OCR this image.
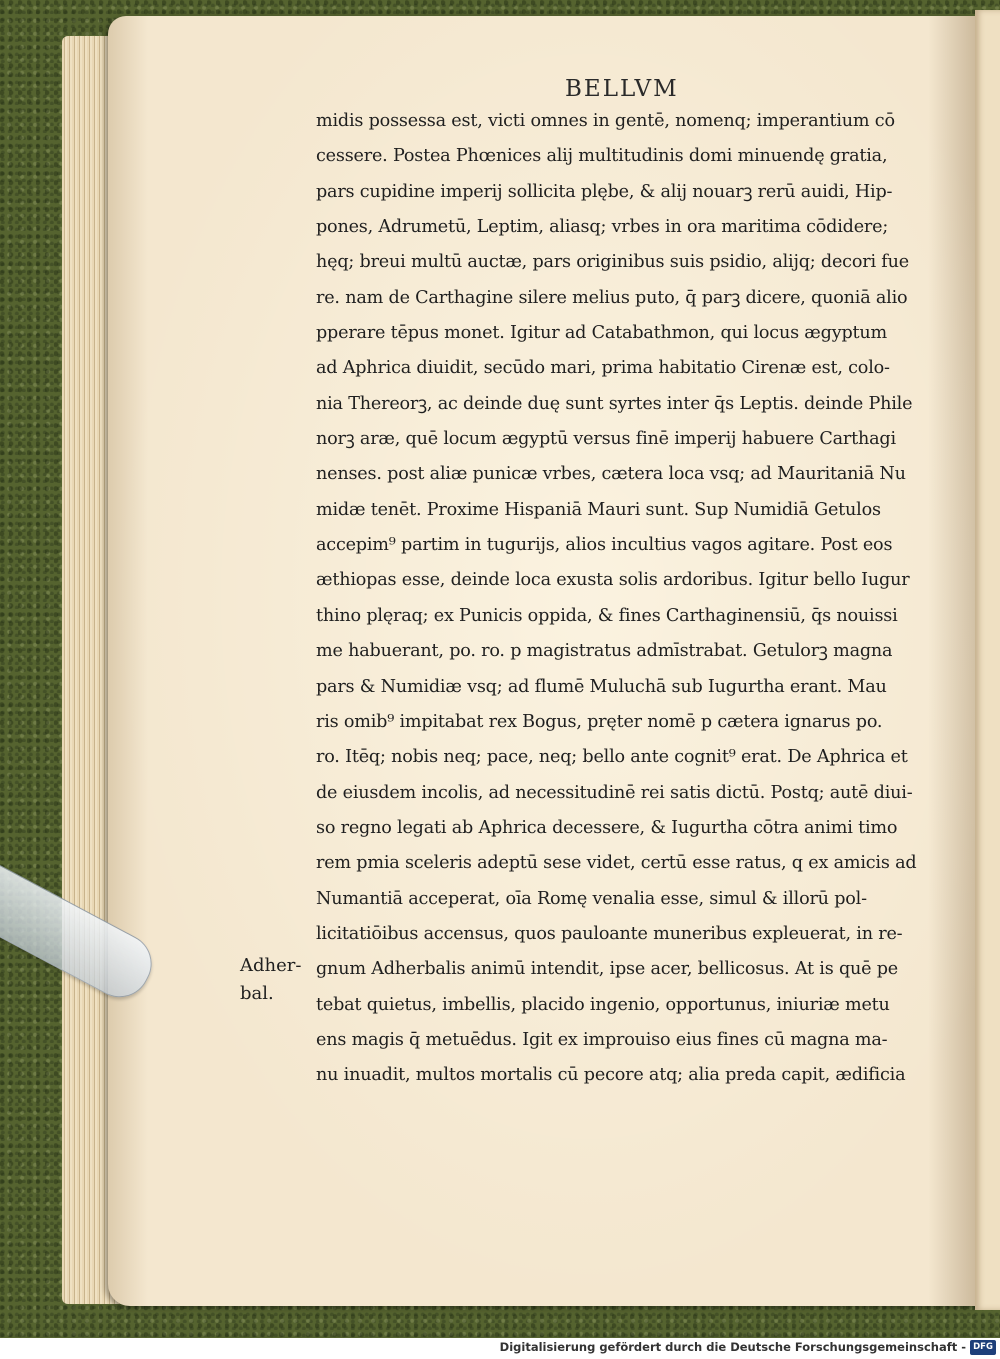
BELLVM
midis possessa est, victi omnes in gentē, nomenq; imperantium cō
cessere. Postea Phœnices alij multitudinis domi minuendę gratia,
pars cupidine imperij sollicita plębe, & alij nouarꝫ rerū auidi, Hip-
pones, Adrumetū, Leptim, aliasq; vrbes in ora maritima cōdidere;
hęq; breui multū auctæ, pars originibus suis psidio, alijq; decori fue
re. nam de Carthagine silere melius puto, q̄ parꝫ dicere, quoniā alio
pperare tēpus monet. Igitur ad Catabathmon, qui locus ægyptum
ad Aphrica diuidit, secūdo mari, prima habitatio Cirenæ est, colo-
nia Thereorꝫ, ac deinde duę sunt syrtes inter q̄s Leptis. deinde Phile
norꝫ aræ, quē locum ægyptū versus finē imperij habuere Carthagi
nenses. post aliæ punicæ vrbes, cætera loca vsq; ad Mauritaniā Nu
midæ tenēt. Proxime Hispaniā Mauri sunt. Sup Numidiā Getulos
accepim⁹ partim in tugurijs, alios incultius vagos agitare. Post eos
æthiopas esse, deinde loca exusta solis ardoribus. Igitur bello Iugur
thino plęraq; ex Punicis oppida, & fines Carthaginensiū, q̄s nouissi
me habuerant, po. ro. p magistratus admīstrabat. Getulorꝫ magna
pars & Numidiæ vsq; ad flumē Muluchā sub Iugurtha erant. Mau
ris omib⁹ impitabat rex Bogus, pręter nomē p cætera ignarus po.
ro. Itēq; nobis neq; pace, neq; bello ante cognit⁹ erat. De Aphrica et
de eiusdem incolis, ad necessitudinē rei satis dictū. Postq; autē diui-
so regno legati ab Aphrica decessere, & Iugurtha cōtra animi timo
rem pmia sceleris adeptū sese videt, certū esse ratus, q ex amicis ad
Numantiā acceperat, oīa Romę venalia esse, simul & illorū pol-
licitatiōibus accensus, quos pauloante muneribus expleuerat, in re-
gnum Adherbalis animū intendit, ipse acer, bellicosus. At is quē pe
tebat quietus, imbellis, placido ingenio, opportunus, iniuriæ metu
ens magis q̄ metuēdus. Igit ex improuiso eius fines cū magna ma-
nu inuadit, multos mortalis cū pecore atq; alia preda capit, ædificia
Adher-
bal.
Digitalisierung gefördert durch die Deutsche Forschungsgemeinschaft - DFG
